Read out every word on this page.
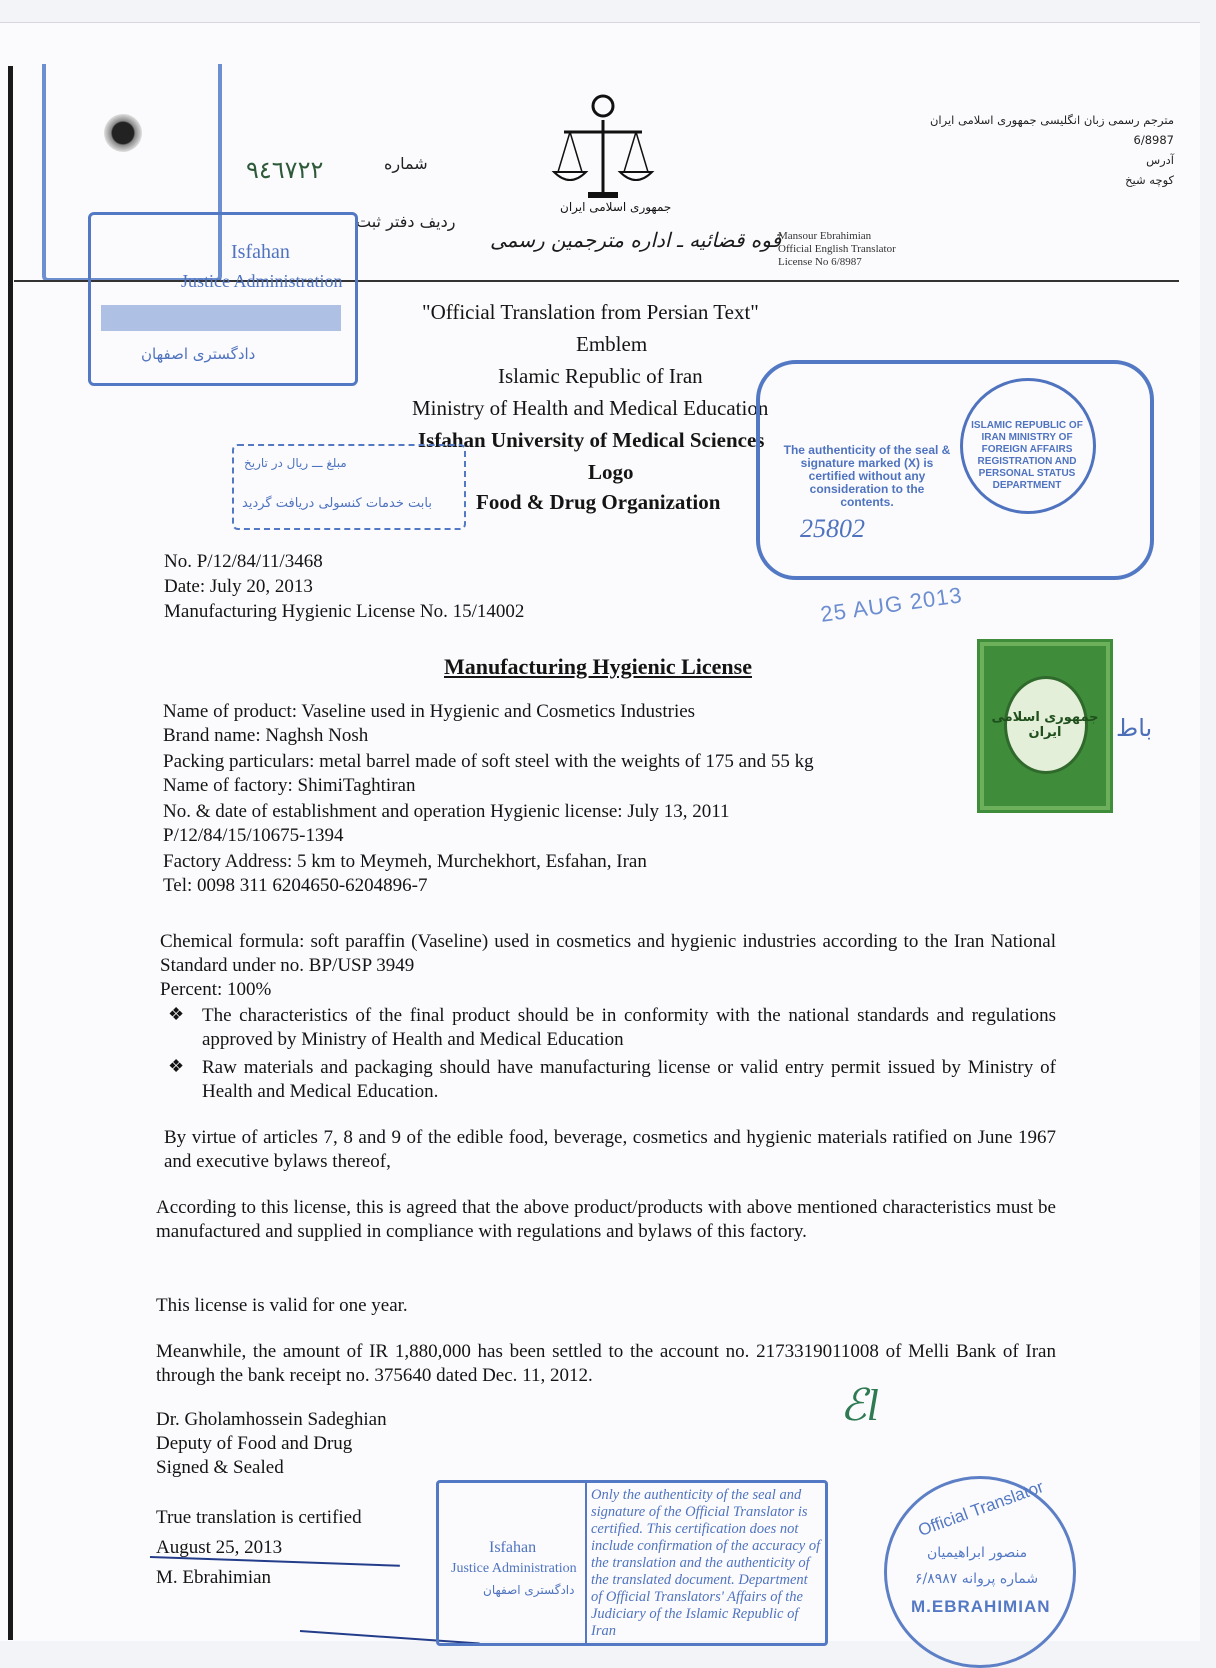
۹٤٦۷۲۲	شماره
ردیف دفتر ثبت
جمهوری اسلامی ایران
قوه قضائیه ـ اداره مترجمین رسمی
مترجم رسمی زبان انگلیسی جمهوری اسلامی ایران
6/8987
آدرس
کوچه شیخ
Mansour Ebrahimian
Official English Translator
License No 6/8987
Isfahan
Justice Administration
دادگستری اصفهان
"Official Translation from Persian Text"
Emblem
Islamic Republic of Iran
Ministry of Health and Medical Education
Isfahan University of Medical Sciences
Logo
Food & Drug Organization
مبلغ ـــ ریال در تاریخ
بابت خدمات کنسولی دریافت گردید
The authenticity of the seal & signature marked (X) is certified without any consideration to the contents.
ISLAMIC REPUBLIC OF IRAN MINISTRY OF FOREIGN AFFAIRS REGISTRATION AND PERSONAL STATUS DEPARTMENT
25802
25 AUG 2013
جمهوری اسلامی ایران	باط
No. P/12/84/11/3468
Date: July 20, 2013
Manufacturing Hygienic License No. 15/14002
Manufacturing Hygienic License
Name of product: Vaseline used in Hygienic and Cosmetics Industries
Brand name: Naghsh Nosh
Packing particulars: metal barrel made of soft steel with the weights of 175 and 55 kg
Name of factory: ShimiTaghtiran
No. & date of establishment and operation Hygienic license: July 13, 2011
P/12/84/15/10675-1394
Factory Address: 5 km to Meymeh, Murchekhort, Esfahan, Iran
Tel: 0098 311 6204650-6204896-7
Chemical formula: soft paraffin (Vaseline) used in cosmetics and hygienic industries according to the Iran National Standard under no. BP/USP 3949
Percent: 100%
❖ The characteristics of the final product should be in conformity with the national standards and regulations approved by Ministry of Health and Medical Education
❖ Raw materials and packaging should have manufacturing license or valid entry permit issued by Ministry of Health and Medical Education.
By virtue of articles 7, 8 and 9 of the edible food, beverage, cosmetics and hygienic materials ratified on June 1967 and executive bylaws thereof,
According to this license, this is agreed that the above product/products with above mentioned characteristics must be manufactured and supplied in compliance with regulations and bylaws of this factory.
This license is valid for one year.
Meanwhile, the amount of IR 1,880,000 has been settled to the account no. 2173319011008 of Melli Bank of Iran through the bank receipt no. 375640 dated Dec. 11, 2012.
Dr. Gholamhossein Sadeghian
Deputy of Food and Drug
Signed & Sealed
ℰl
True translation is certified
August 25, 2013
M. Ebrahimian
Isfahan
Justice Administration
دادگستری اصفهان
Only the authenticity of the seal and signature of the Official Translator is certified. This certification does not include confirmation of the accuracy of the translation and the authenticity of the translated document. Department of Official Translators' Affairs of the Judiciary of the Islamic Republic of Iran
Official Translator
منصور ابراهیمیان
شماره پروانه ۶/۸۹۸۷
M.EBRAHIMIAN
